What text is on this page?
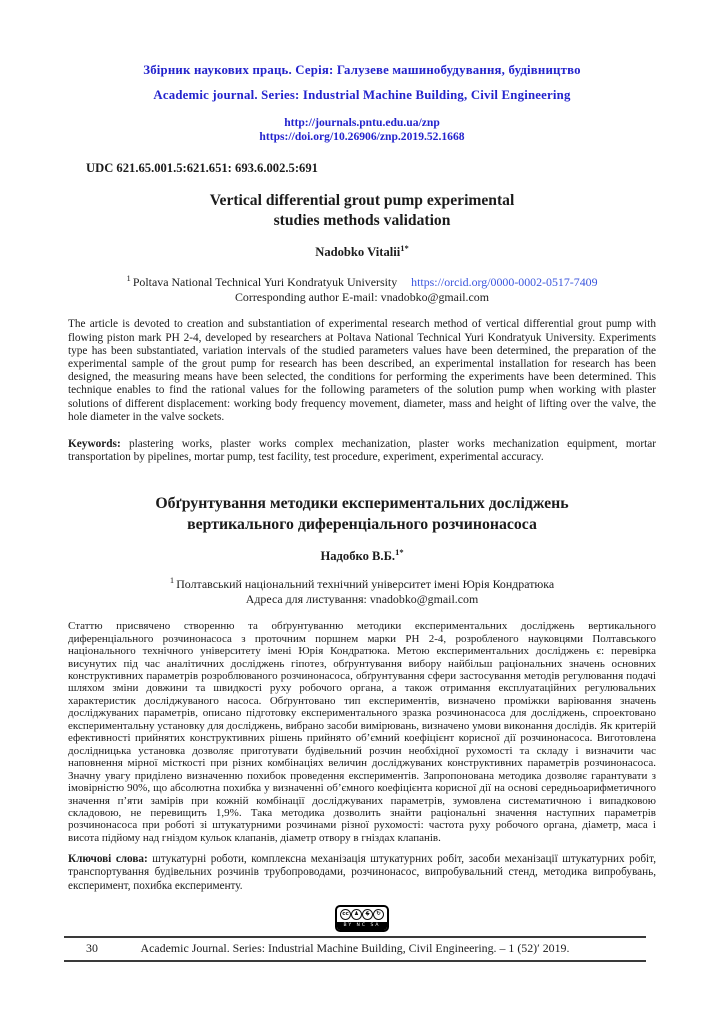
Збірник наукових праць. Серія: Галузеве машинобудування, будівництво
Academic journal. Series: Industrial Machine Building, Civil Engineering
http://journals.pntu.edu.ua/znp
https://doi.org/10.26906/znp.2019.52.1668
UDC 621.65.001.5:621.651: 693.6.002.5:691
Vertical differential grout pump experimental
studies methods validation
Nadobko Vitalii$^{1*}$
$^1$ Poltava National Technical Yuri Kondratyuk University https://orcid.org/0000-0002-0517-7409
Corresponding author E-mail: vnadobko@gmail.com

The article is devoted to creation and substantiation of experimental research method of vertical differential grout pump with flowing piston mark PH 2-4, developed by researchers at Poltava National Technical Yuri Kondratyuk University. Experiments type has been substantiated, variation intervals of the studied parameters values have been determined, the preparation of the experimental sample of the grout pump for research has been described, an experimental installation for research has been designed, the measuring means have been selected, the conditions for performing the experiments have been determined. This technique enables to find the rational values for the following parameters of the solution pump when working with plaster solutions of different displacement: working body frequency movement, diameter, mass and height of lifting over the valve, the hole diameter in the valve sockets.

Keywords: plastering works, plaster works complex mechanization, plaster works mechanization equipment, mortar transportation by pipelines, mortar pump, test facility, test procedure, experiment, experimental accuracy.

Обґрунтування методики експериментальних досліджень
вертикального диференціального розчинонасоса
Надобко В.Б.$^{1*}$
$^1$ Полтавський національний технічний університет імені Юрія Кондратюка
Адреса для листування: vnadobko@gmail.com

Статтю присвячено створенню та обґрунтуванню методики експериментальних досліджень вертикального диференціального розчинонасоса з проточним поршнем марки РН 2-4, розробленого науковцями Полтавського національного технічного університету імені Юрія Кондратюка. Метою експериментальних досліджень є: перевірка висунутих під час аналітичних досліджень гіпотез, обґрунтування вибору найбільш раціональних значень основних конструктивних параметрів розроблюваного розчинонасоса, обґрунтування сфери застосування методів регулювання подачі шляхом зміни довжини та швидкості руху робочого органа, а також отримання експлуатаційних регулювальних характеристик досліджуваного насоса. Обґрунтовано тип експериментів, визначено проміжки варіювання значень досліджуваних параметрів, описано підготовку експериментального зразка розчинонасоса для досліджень, спроектовано експериментальну установку для досліджень, вибрано засоби вимірювань, визначено умови виконання дослідів. Як критерій ефективності прийнятих конструктивних рішень прийнято об’ємний коефіцієнт корисної дії розчинонасоса. Виготовлена дослідницька установка дозволяє приготувати будівельний розчин необхідної рухомості та складу і визначити час наповнення мірної місткості при різних комбінаціях величин досліджуваних конструктивних параметрів розчинонасоса. Значну увагу приділено визначенню похибок проведення експериментів. Запропонована методика дозволяє гарантувати з імовірністю 90%, що абсолютна похибка у визначенні об’ємного коефіцієнта корисної дії на основі середньоарифметичного значення п’яти замірів при кожній комбінації досліджуваних параметрів, зумовлена систематичною і випадковою складовою, не перевищить 1,9%. Така методика дозволить знайти раціональні значення наступних параметрів розчинонасоса при роботі зі штукатурними розчинами різної рухомості: частота руху робочого органа, діаметр, маса і висота підйому над гніздом кульок клапанів, діаметр отвору в гніздах клапанів.

Ключові слова: штукатурні роботи, комплексна механізація штукатурних робіт, засоби механізації штукатурних робіт, транспортування будівельних розчинів трубопроводами, розчинонасос, випробувальний стенд, методика випробувань, експеримент, похибка експерименту.

cc ♟ $ ↻
BY NC SA
30	Academic Journal. Series: Industrial Machine Building, Civil Engineering. – 1 (52)′ 2019.
